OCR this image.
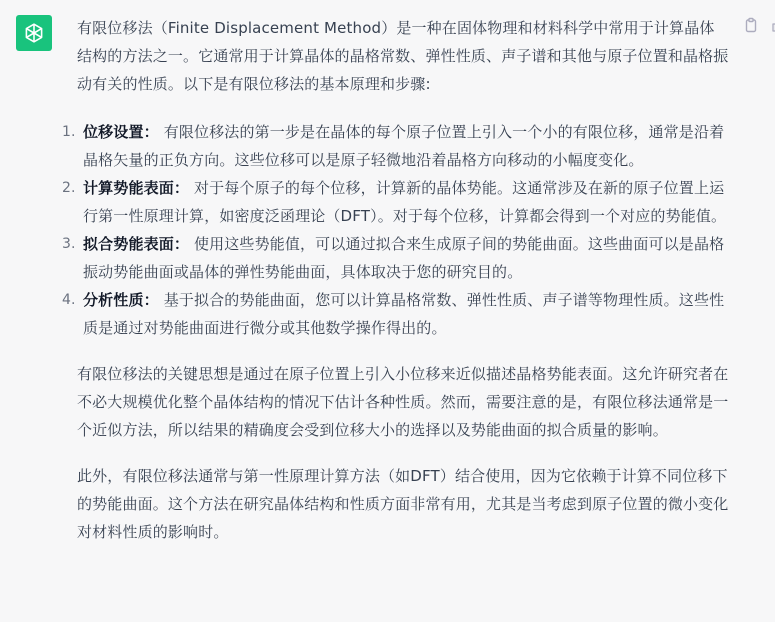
有限位移法（Finite Displacement Method）是一种在固体物理和材料科学中常用于计算晶体结构的方法之一。它通常用于计算晶体的晶格常数、弹性性质、声子谱和其他与原子位置和晶格振动有关的性质。以下是有限位移法的基本原理和步骤:

1. 位移设置： 有限位移法的第一步是在晶体的每个原子位置上引入一个小的有限位移，通常是沿着晶格矢量的正负方向。这些位移可以是原子轻微地沿着晶格方向移动的小幅度变化。
2. 计算势能表面： 对于每个原子的每个位移，计算新的晶体势能。这通常涉及在新的原子位置上运行第一性原理计算，如密度泛函理论（DFT）。对于每个位移，计算都会得到一个对应的势能值。
3. 拟合势能表面： 使用这些势能值，可以通过拟合来生成原子间的势能曲面。这些曲面可以是晶格振动势能曲面或晶体的弹性势能曲面，具体取决于您的研究目的。
4. 分析性质： 基于拟合的势能曲面，您可以计算晶格常数、弹性性质、声子谱等物理性质。这些性质是通过对势能曲面进行微分或其他数学操作得出的。

有限位移法的关键思想是通过在原子位置上引入小位移来近似描述晶格势能表面。这允许研究者在不必大规模优化整个晶体结构的情况下估计各种性质。然而，需要注意的是，有限位移法通常是一个近似方法，所以结果的精确度会受到位移大小的选择以及势能曲面的拟合质量的影响。

此外，有限位移法通常与第一性原理计算方法（如DFT）结合使用，因为它依赖于计算不同位移下的势能曲面。这个方法在研究晶体结构和性质方面非常有用，尤其是当考虑到原子位置的微小变化对材料性质的影响时。
